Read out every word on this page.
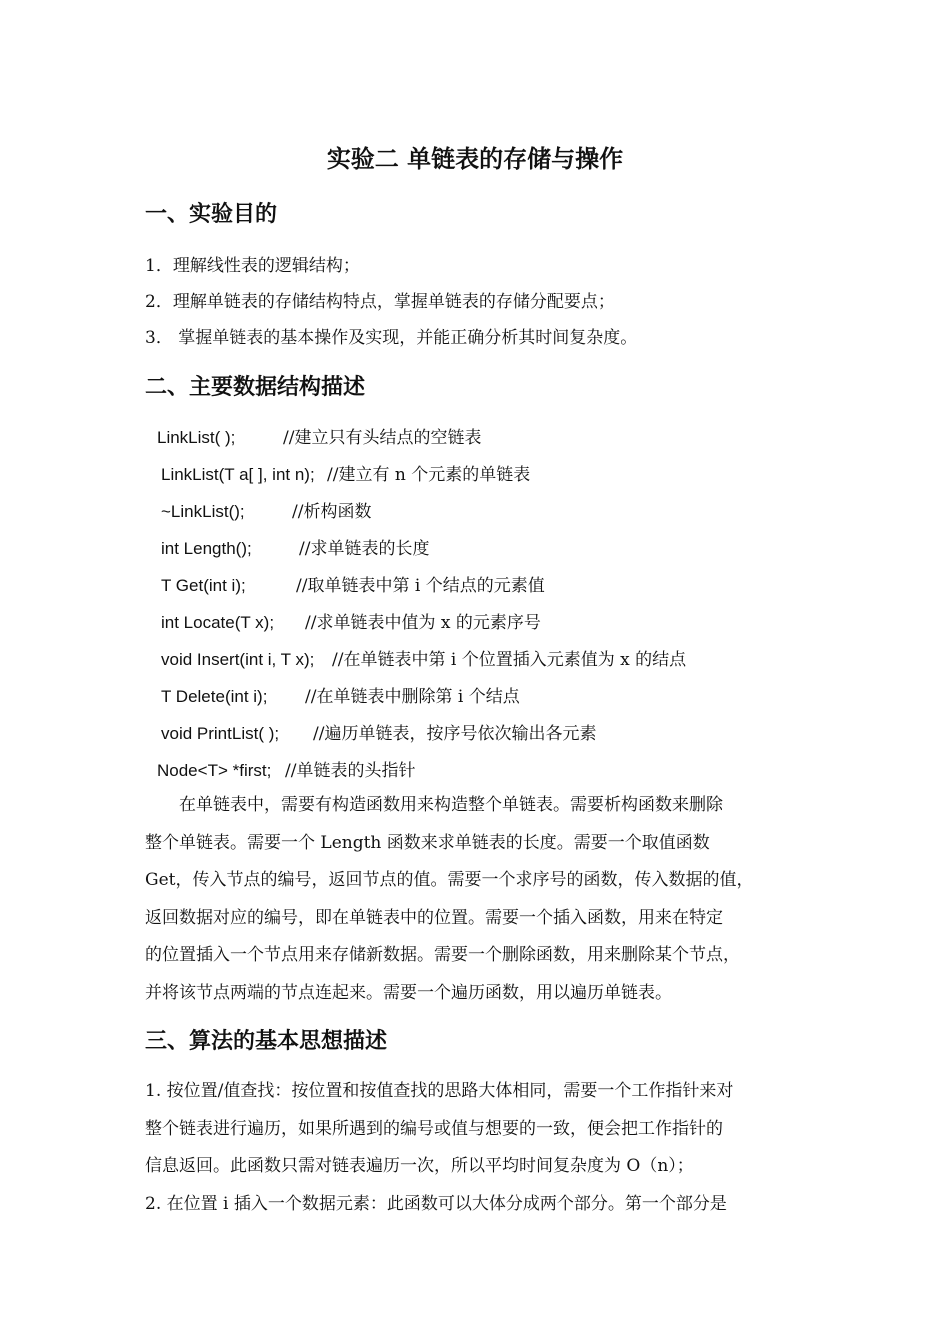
实验二 单链表的存储与操作
一、实验目的
1．理解线性表的逻辑结构；
2．理解单链表的存储结构特点，掌握单链表的存储分配要点；
3． 掌握单链表的基本操作及实现，并能正确分析其时间复杂度。
二、主要数据结构描述
LinkList( );	//建立只有头结点的空链表
LinkList(T a[ ], int n); //建立有 n 个元素的单链表
~LinkList();	//析构函数
int Length();	//求单链表的长度
T Get(int i);	//取单链表中第 i 个结点的元素值
int Locate(T x); //求单链表中值为 x 的元素序号
void Insert(int i, T x); //在单链表中第 i 个位置插入元素值为 x 的结点
T Delete(int i); //在单链表中删除第 i 个结点
void PrintList( ); //遍历单链表，按序号依次输出各元素
Node<T> *first; //单链表的头指针
在单链表中，需要有构造函数用来构造整个单链表。需要析构函数来删除
整个单链表。需要一个 Length 函数来求单链表的长度。需要一个取值函数
Get，传入节点的编号，返回节点的值。需要一个求序号的函数，传入数据的值，
返回数据对应的编号，即在单链表中的位置。需要一个插入函数，用来在特定
的位置插入一个节点用来存储新数据。需要一个删除函数，用来删除某个节点，
并将该节点两端的节点连起来。需要一个遍历函数，用以遍历单链表。
三、算法的基本思想描述
1. 按位置/值查找：按位置和按值查找的思路大体相同，需要一个工作指针来对
整个链表进行遍历，如果所遇到的编号或值与想要的一致，便会把工作指针的
信息返回。此函数只需对链表遍历一次，所以平均时间复杂度为 O（n）；
2. 在位置 i 插入一个数据元素：此函数可以大体分成两个部分。第一个部分是
